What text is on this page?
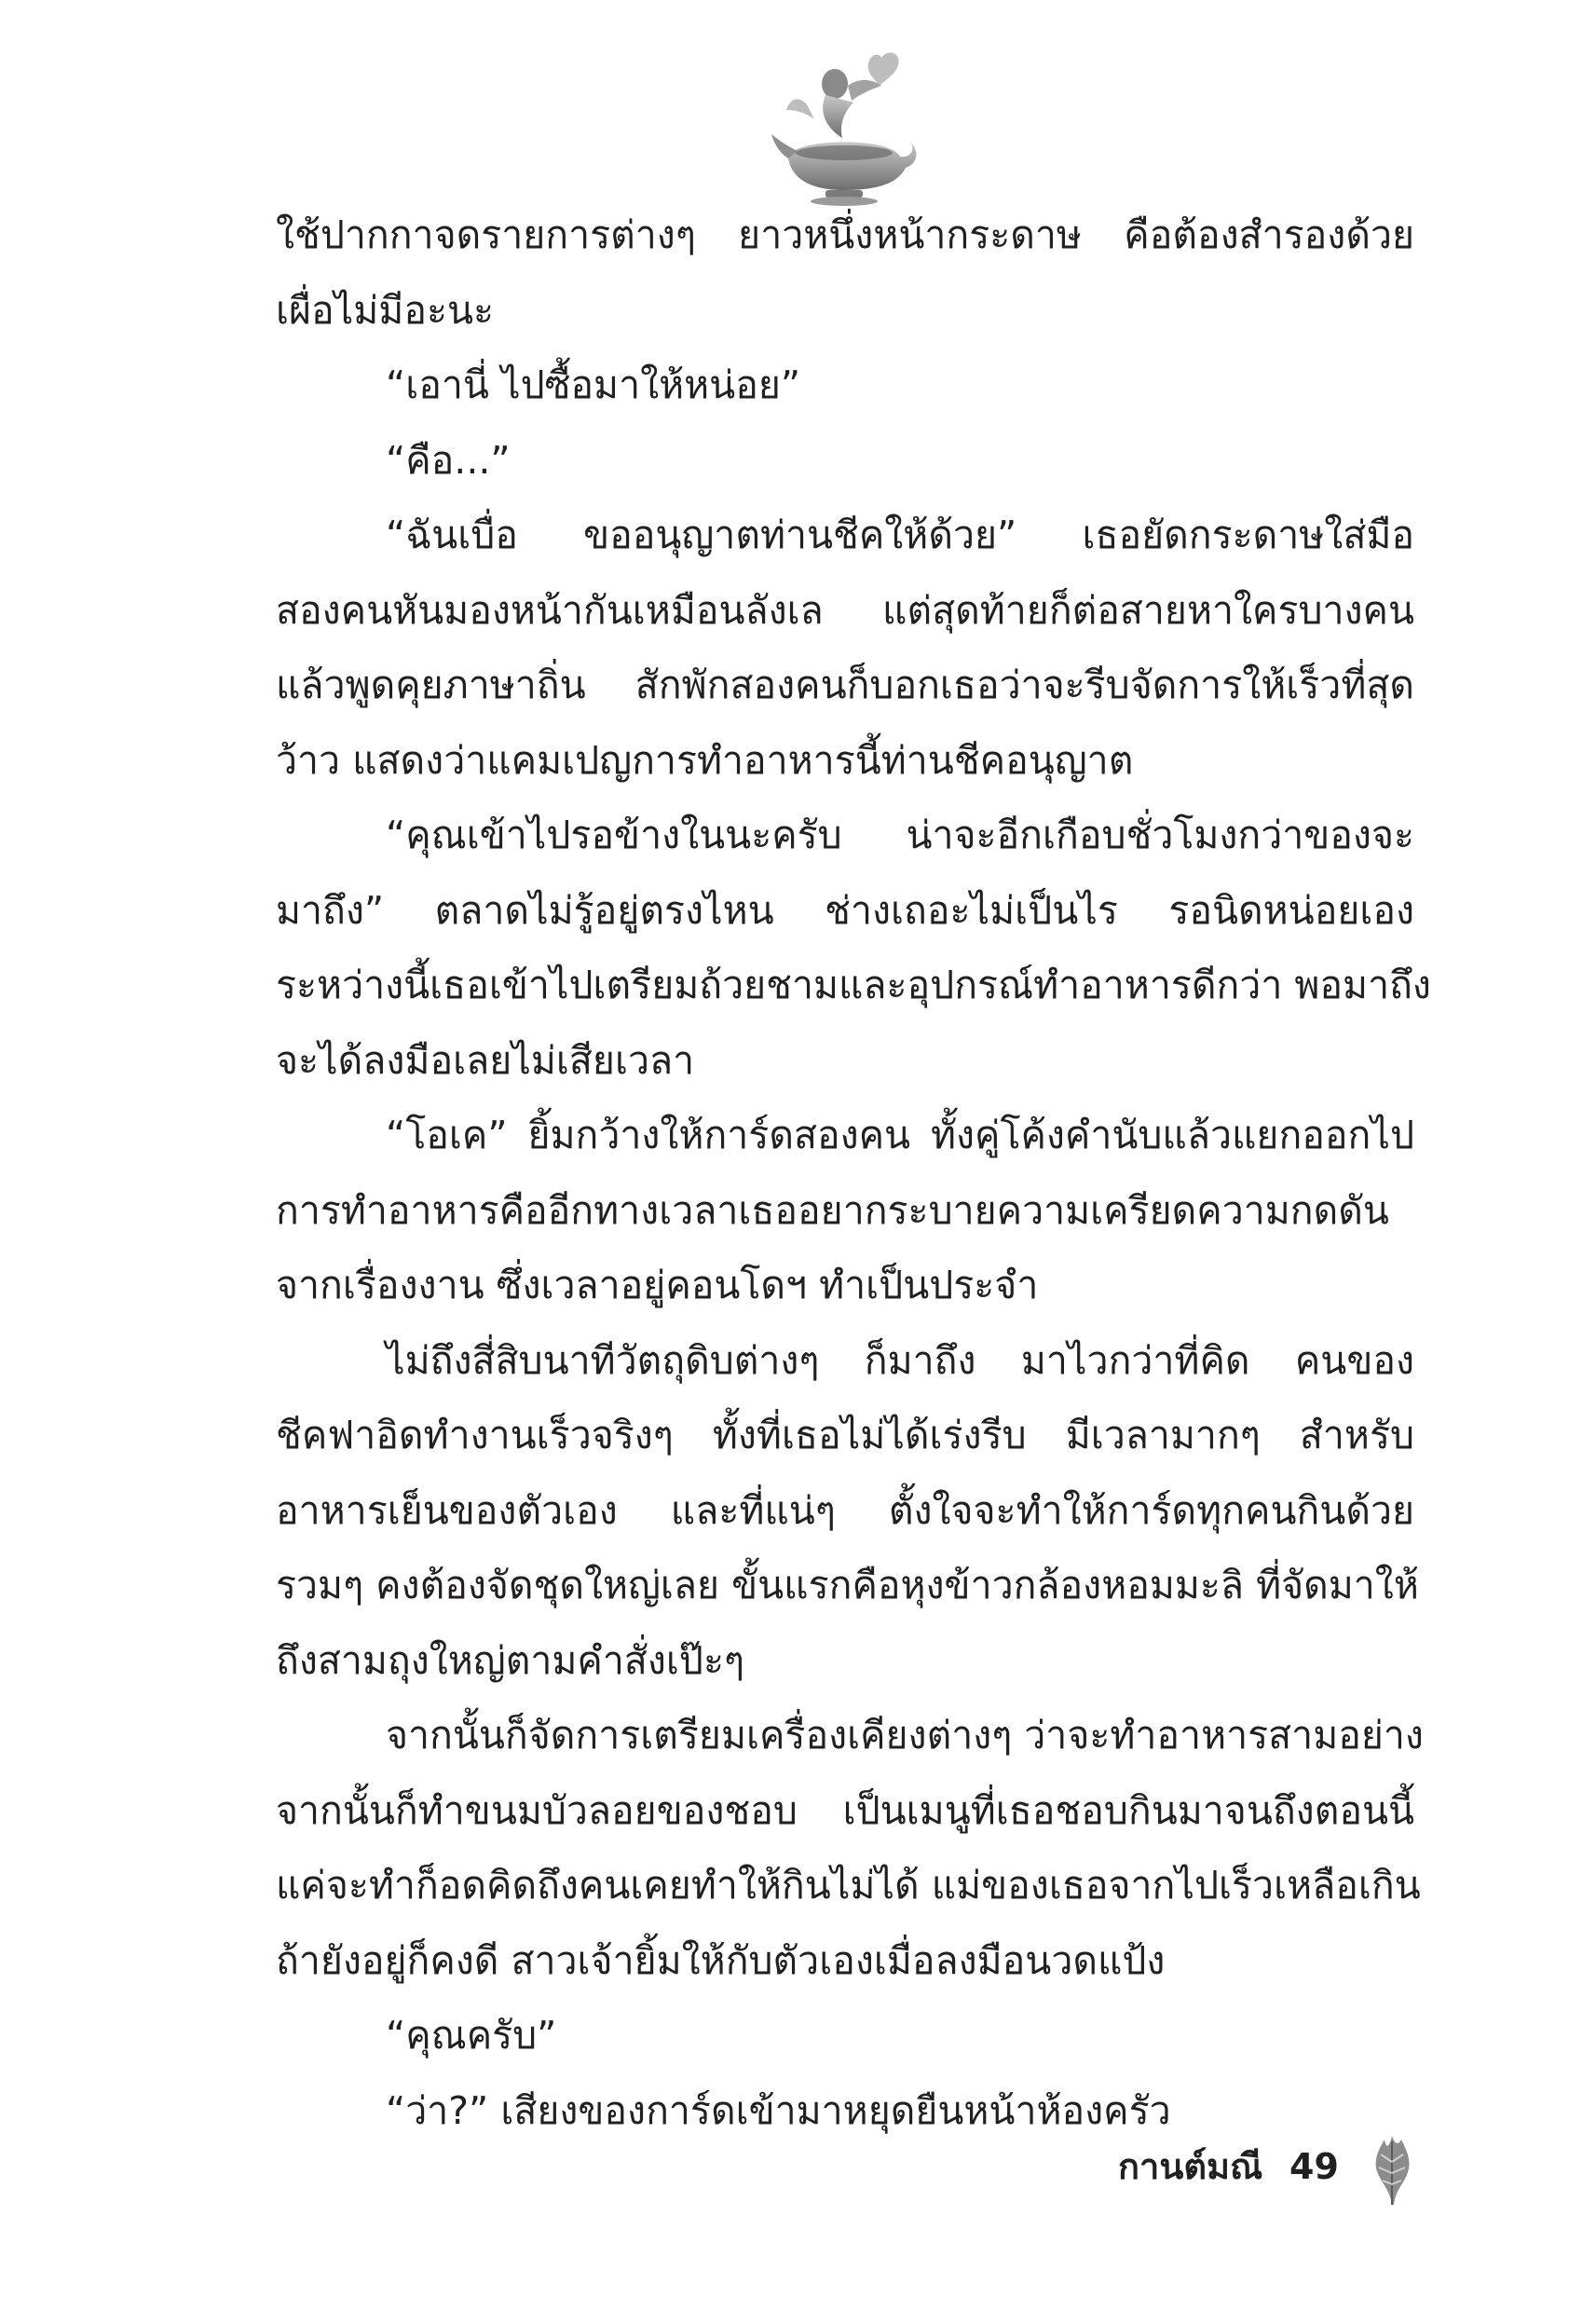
ใช้ปากกาจดรายการต่างๆ ยาวหนึ่งหน้ากระดาษ คือต้องสำรองด้วย
เผื่อไม่มีอะนะ
“เอานี่ ไปซื้อมาให้หน่อย”
“คือ...”
“ฉันเบื่อ ขออนุญาตท่านชีคให้ด้วย” เธอยัดกระดาษใส่มือ
สองคนหันมองหน้ากันเหมือนลังเล แต่สุดท้ายก็ต่อสายหาใครบางคน
แล้วพูดคุยภาษาถิ่น สักพักสองคนก็บอกเธอว่าจะรีบจัดการให้เร็วที่สุด
ว้าว แสดงว่าแคมเปญการทำอาหารนี้ท่านชีคอนุญาต
“คุณเข้าไปรอข้างในนะครับ น่าจะอีกเกือบชั่วโมงกว่าของจะ
มาถึง” ตลาดไม่รู้อยู่ตรงไหน ช่างเถอะไม่เป็นไร รอนิดหน่อยเอง
ระหว่างนี้เธอเข้าไปเตรียมถ้วยชามและอุปกรณ์ทำอาหารดีกว่า พอมาถึง
จะได้ลงมือเลยไม่เสียเวลา
“โอเค” ยิ้มกว้างให้การ์ดสองคน ทั้งคู่โค้งคำนับแล้วแยกออกไป
การทำอาหารคืออีกทางเวลาเธออยากระบายความเครียดความกดดัน
จากเรื่องงาน ซึ่งเวลาอยู่คอนโดฯ ทำเป็นประจำ
ไม่ถึงสี่สิบนาทีวัตถุดิบต่างๆ ก็มาถึง มาไวกว่าที่คิด คนของ
ชีคฟาอิดทำงานเร็วจริงๆ ทั้งที่เธอไม่ได้เร่งรีบ มีเวลามากๆ สำหรับ
อาหารเย็นของตัวเอง และที่แน่ๆ ตั้งใจจะทำให้การ์ดทุกคนกินด้วย
รวมๆ คงต้องจัดชุดใหญ่เลย ขั้นแรกคือหุงข้าวกล้องหอมมะลิ ที่จัดมาให้
ถึงสามถุงใหญ่ตามคำสั่งเป๊ะๆ
จากนั้นก็จัดการเตรียมเครื่องเคียงต่างๆ ว่าจะทำอาหารสามอย่าง
จากนั้นก็ทำขนมบัวลอยของชอบ เป็นเมนูที่เธอชอบกินมาจนถึงตอนนี้
แค่จะทำก็อดคิดถึงคนเคยทำให้กินไม่ได้ แม่ของเธอจากไปเร็วเหลือเกิน
ถ้ายังอยู่ก็คงดี สาวเจ้ายิ้มให้กับตัวเองเมื่อลงมือนวดแป้ง
“คุณครับ”
“ว่า?” เสียงของการ์ดเข้ามาหยุดยืนหน้าห้องครัว
กานต์มณี 49
